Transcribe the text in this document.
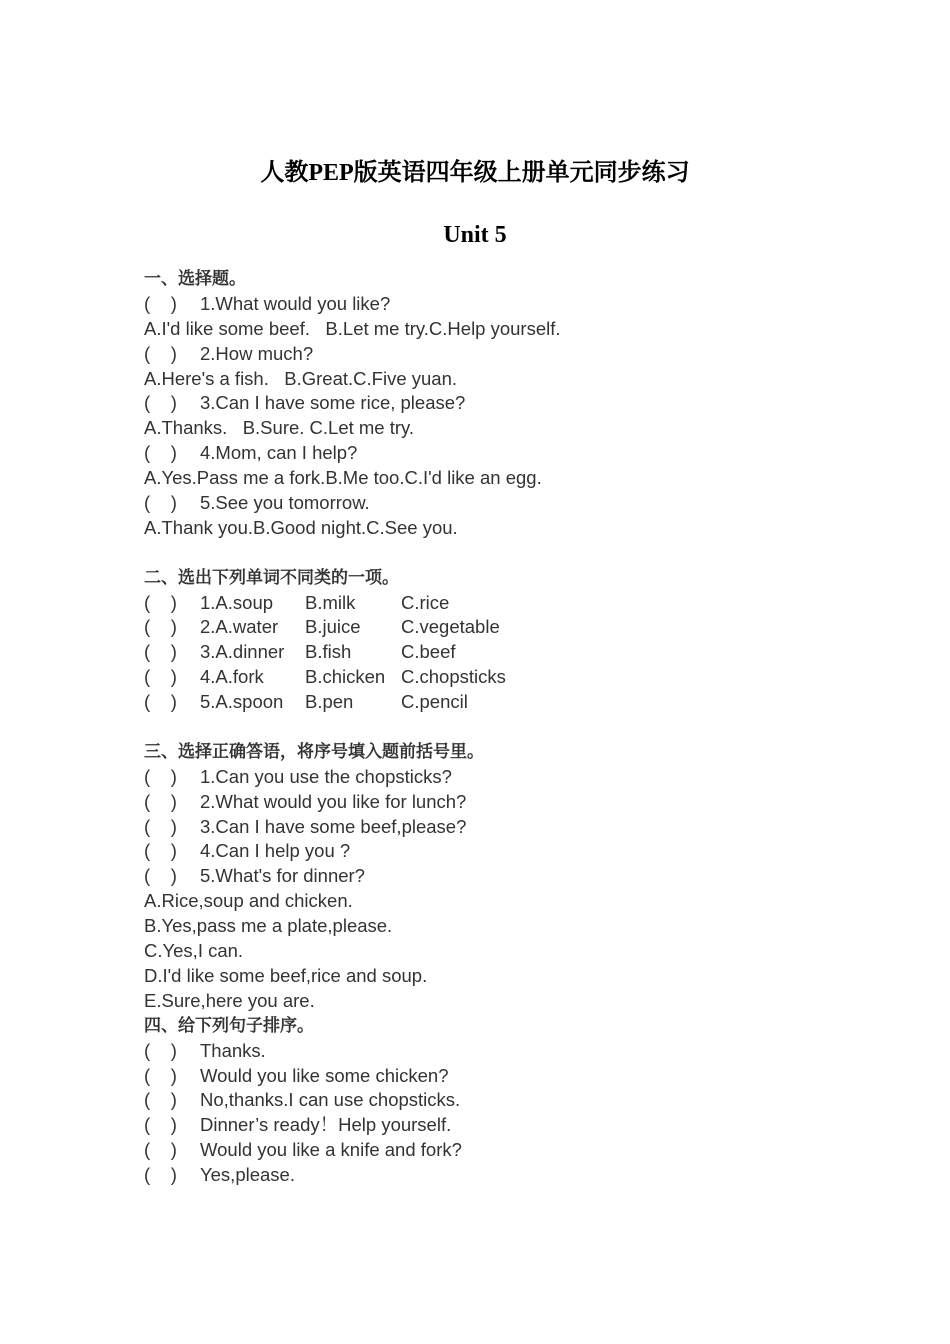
人教PEP版英语四年级上册单元同步练习
Unit 5
一、选择题。
(    ) 1.What would you like?
A.I'd like some beef.   B.Let me try.C.Help yourself.
(    ) 2.How much?
A.Here's a fish.   B.Great.C.Five yuan.
(    ) 3.Can I have some rice, please?
A.Thanks.   B.Sure. C.Let me try.
(    ) 4.Mom, can I help?
A.Yes.Pass me a fork.B.Me too.C.I'd like an egg.
(    ) 5.See you tomorrow.
A.Thank you.B.Good night.C.See you.
二、选出下列单词不同类的一项。
(    ) 1.A.soup B.milk C.rice
(    ) 2.A.water B.juice C.vegetable
(    ) 3.A.dinner B.fish	C.beef
(    ) 4.A.fork B.chicken C.chopsticks
(    ) 5.A.spoon B.pen	C.pencil
三、选择正确答语，将序号填入题前括号里。
(    ) 1.Can you use the chopsticks?
(    ) 2.What would you like for lunch?
(    ) 3.Can I have some beef,please?
(    ) 4.Can I help you ?
(    ) 5.What's for dinner?
A.Rice,soup and chicken.
B.Yes,pass me a plate,please.
C.Yes,I can.
D.I'd like some beef,rice and soup.
E.Sure,here you are.
四、给下列句子排序。
(    ) Thanks.
(    ) Would you like some chicken?
(    ) No,thanks.I can use chopsticks.
(    ) Dinner’s ready！Help yourself.
(    ) Would you like a knife and fork?
(    ) Yes,please.
